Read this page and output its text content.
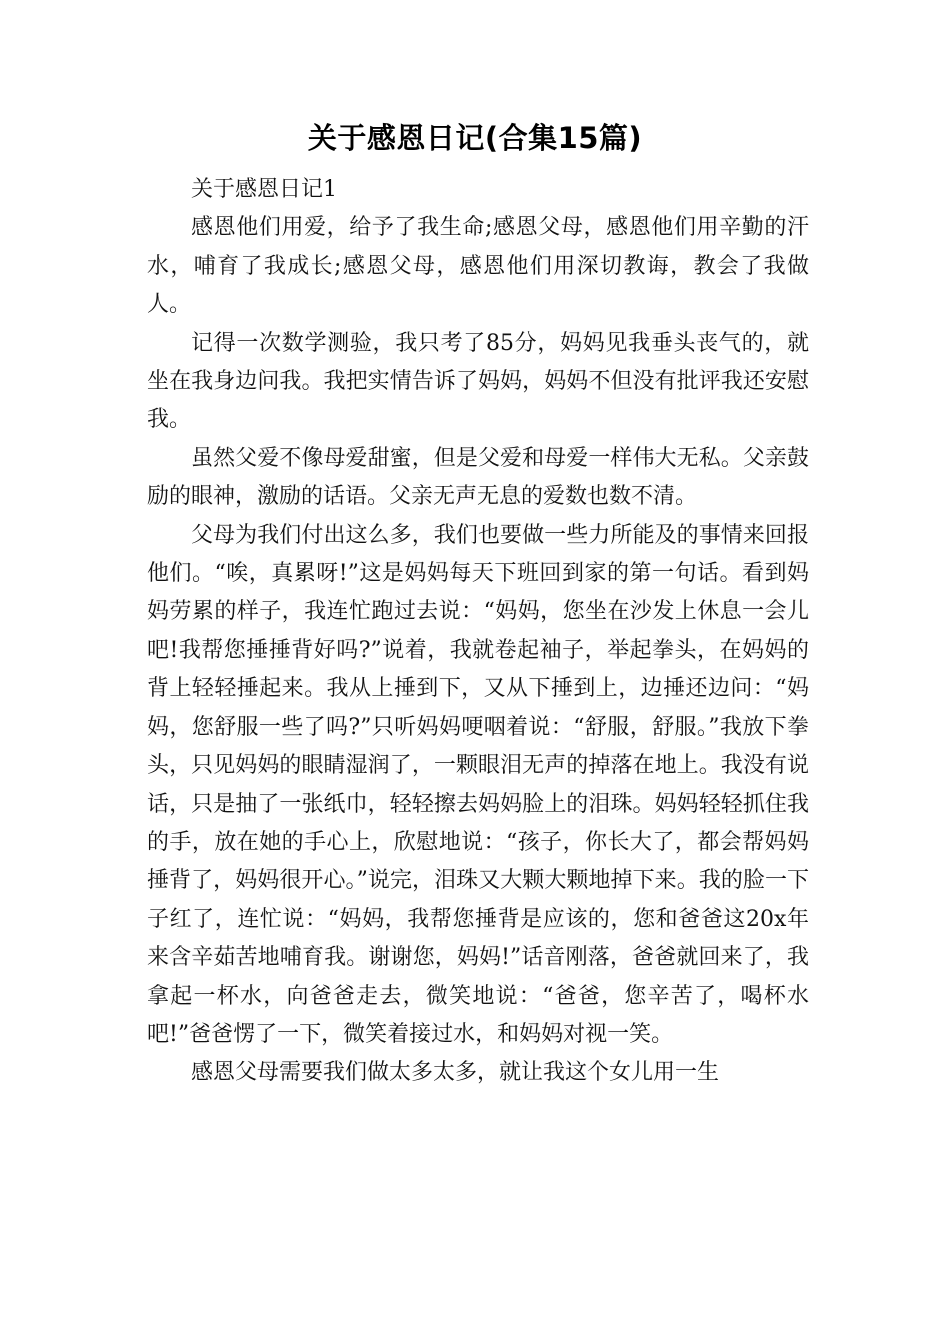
关于感恩日记(合集15篇)

关于感恩日记1

感恩他们用爱，给予了我生命;感恩父母，感恩他们用辛勤的汗水，哺育了我成长;感恩父母，感恩他们用深切教诲，教会了我做人。

记得一次数学测验，我只考了85分，妈妈见我垂头丧气的，就坐在我身边问我。我把实情告诉了妈妈，妈妈不但没有批评我还安慰我。

虽然父爱不像母爱甜蜜，但是父爱和母爱一样伟大无私。父亲鼓励的眼神，激励的话语。父亲无声无息的爱数也数不清。

父母为我们付出这么多，我们也要做一些力所能及的事情来回报他们。“唉，真累呀!”这是妈妈每天下班回到家的第一句话。看到妈妈劳累的样子，我连忙跑过去说：“妈妈，您坐在沙发上休息一会儿吧!我帮您捶捶背好吗?”说着，我就卷起袖子，举起拳头，在妈妈的背上轻轻捶起来。我从上捶到下，又从下捶到上，边捶还边问：“妈妈，您舒服一些了吗?”只听妈妈哽咽着说：“舒服，舒服。”我放下拳头，只见妈妈的眼睛湿润了，一颗眼泪无声的掉落在地上。我没有说话，只是抽了一张纸巾，轻轻擦去妈妈脸上的泪珠。妈妈轻轻抓住我的手，放在她的手心上，欣慰地说：“孩子，你长大了，都会帮妈妈捶背了，妈妈很开心。”说完，泪珠又大颗大颗地掉下来。我的脸一下子红了，连忙说：“妈妈，我帮您捶背是应该的，您和爸爸这20x年来含辛茹苦地哺育我。谢谢您，妈妈!”话音刚落，爸爸就回来了，我拿起一杯水，向爸爸走去，微笑地说：“爸爸，您辛苦了，喝杯水吧!”爸爸愣了一下，微笑着接过水，和妈妈对视一笑。

感恩父母需要我们做太多太多，就让我这个女儿用一生
